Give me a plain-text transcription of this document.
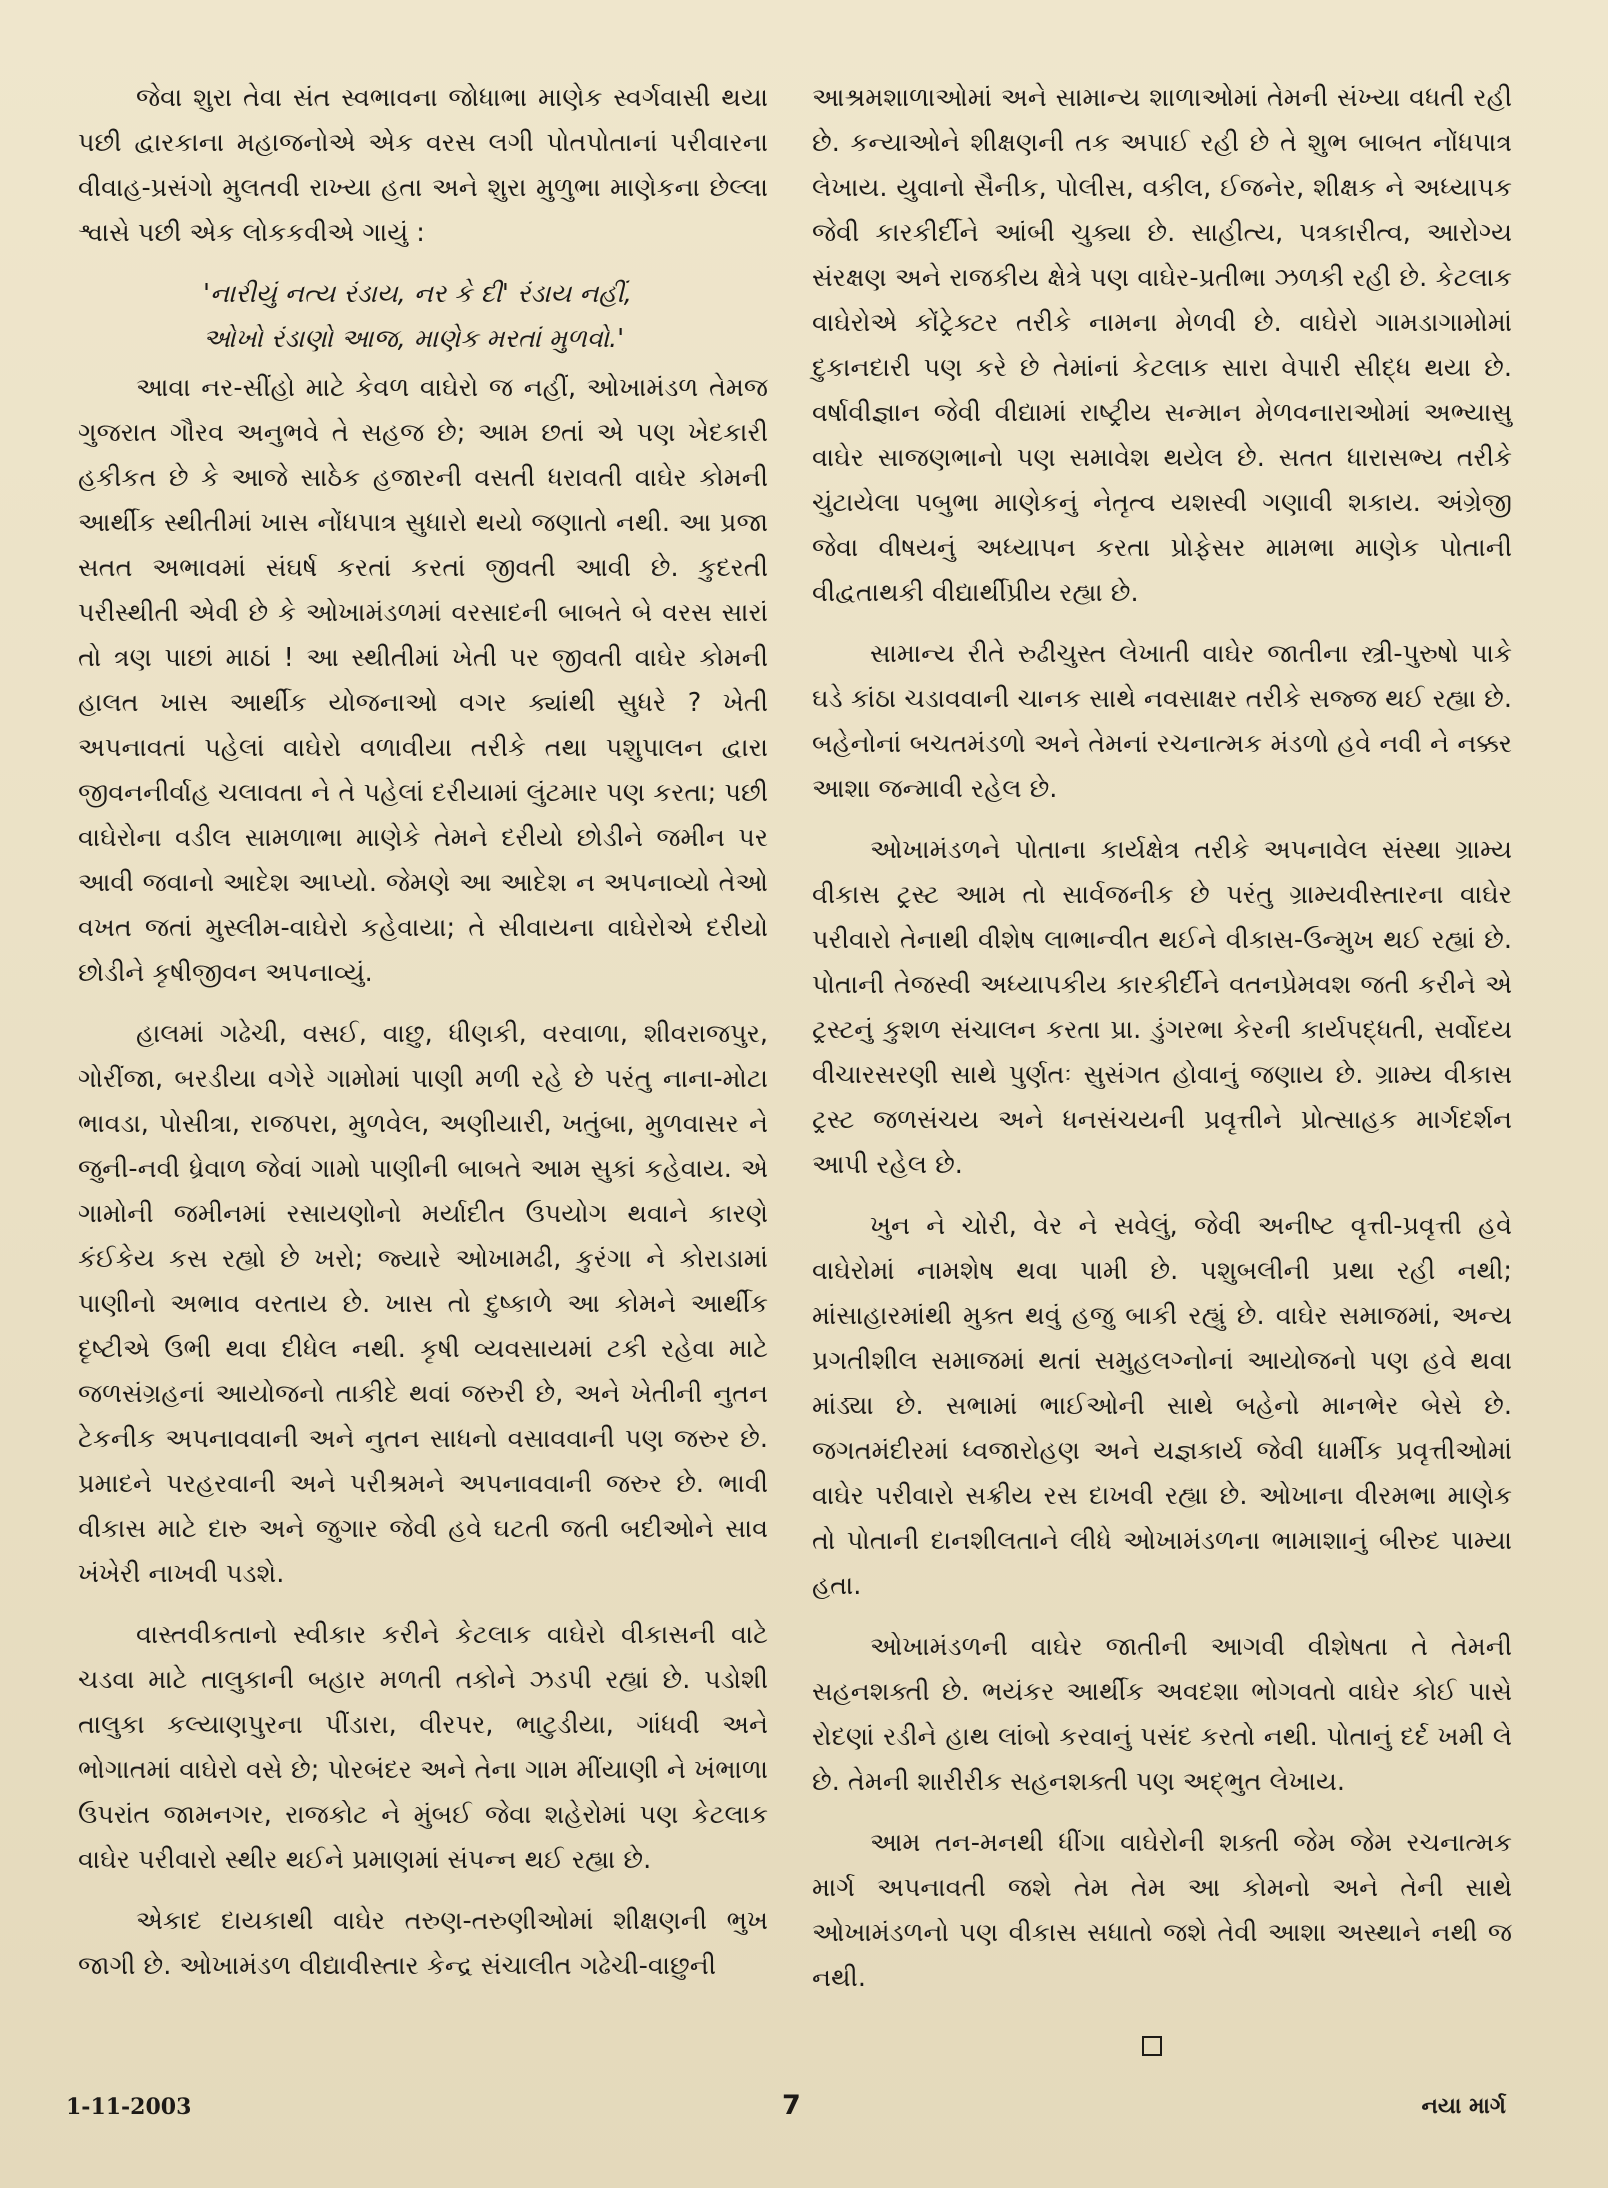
જેવા શુરા તેવા સંત સ્વભાવના જોધાભા માણેક સ્વર્ગવાસી થયા પછી દ્વારકાના મહાજનોએ એક વરસ લગી પોતપોતાનાં પરીવારના વીવાહ-પ્રસંગો મુલતવી રાખ્યા હતા અને શુરા મુળુભા માણેકના છેલ્લા શ્વાસે પછી એક લોકકવીએ ગાયું :

'નારીયું નત્ય રંડાય, નર કે દી' રંડાય નહીં,
ઓખો રંડાણો આજ, માણેક મરતાં મુળવો.'

આવા નર-સીંહો માટે કેવળ વાઘેરો જ નહીં, ઓખામંડળ તેમજ ગુજરાત ગૌરવ અનુભવે તે સહજ છે; આમ છતાં એ પણ ખેદકારી હકીકત છે કે આજે સાઠેક હજારની વસતી ધરાવતી વાઘેર કોમની આર્થીક સ્થીતીમાં ખાસ નોંધપાત્ર સુધારો થયો જણાતો નથી. આ પ્રજા સતત અભાવમાં સંઘર્ષ કરતાં કરતાં જીવતી આવી છે. કુદરતી પરીસ્થીતી એવી છે કે ઓખામંડળમાં વરસાદની બાબતે બે વરસ સારાં તો ત્રણ પાછાં માઠાં ! આ સ્થીતીમાં ખેતી પર જીવતી વાઘેર કોમની હાલત ખાસ આર્થીક યોજનાઓ વગર ક્યાંથી સુધરે ? ખેતી અપનાવતાં પહેલાં વાઘેરો વળાવીયા તરીકે તથા પશુપાલન દ્વારા જીવનનીર્વાહ ચલાવતા ને તે પહેલાં દરીયામાં લુંટમાર પણ કરતા; પછી વાઘેરોના વડીલ સામળાભા માણેકે તેમને દરીયો છોડીને જમીન પર આવી જવાનો આદેશ આપ્યો. જેમણે આ આદેશ ન અપનાવ્યો તેઓ વખત જતાં મુસ્લીમ-વાઘેરો કહેવાયા; તે સીવાયના વાઘેરોએ દરીયો છોડીને કૃષીજીવન અપનાવ્યું.

હાલમાં ગઢેચી, વસઈ, વાછુ, ધીણકી, વરવાળા, શીવરાજપુર, ગોરીંજા, બરડીયા વગેરે ગામોમાં પાણી મળી રહે છે પરંતુ નાના-મોટા ભાવડા, પોસીત્રા, રાજપરા, મુળવેલ, અણીયારી, ખતુંબા, મુળવાસર ને જુની-નવી ધ્રેવાળ જેવાં ગામો પાણીની બાબતે આમ સુકાં કહેવાય. એ ગામોની જમીનમાં રસાયણોનો મર્યાદીત ઉપયોગ થવાને કારણે કંઈકેય કસ રહ્યો છે ખરો; જ્યારે ઓખામઢી, કુરંગા ને કોરાડામાં પાણીનો અભાવ વરતાય છે. ખાસ તો દુષ્કાળે આ કોમને આર્થીક દૃષ્ટીએ ઉભી થવા દીધેલ નથી. કૃષી વ્યવસાયમાં ટકી રહેવા માટે જળસંગ્રહનાં આયોજનો તાકીદે થવાં જરુરી છે, અને ખેતીની નુતન ટેકનીક અપનાવવાની અને નુતન સાધનો વસાવવાની પણ જરુર છે. પ્રમાદને પરહરવાની અને પરીશ્રમને અપનાવવાની જરુર છે. ભાવી વીકાસ માટે દારુ અને જુગાર જેવી હવે ઘટતી જતી બદીઓને સાવ ખંખેરી નાખવી પડશે.

વાસ્તવીકતાનો સ્વીકાર કરીને કેટલાક વાઘેરો વીકાસની વાટે ચડવા માટે તાલુકાની બહાર મળતી તકોને ઝડપી રહ્યાં છે. પડોશી તાલુકા કલ્યાણપુરના પીંડારા, વીરપર, ભાટુડીયા, ગાંધવી અને ભોગાતમાં વાઘેરો વસે છે; પોરબંદર અને તેના ગામ મીંયાણી ને ખંભાળા ઉપરાંત જામનગર, રાજકોટ ને મુંબઈ જેવા શહેરોમાં પણ કેટલાક વાઘેર પરીવારો સ્થીર થઈને પ્રમાણમાં સંપન્ન થઈ રહ્યા છે.

એકાદ દાયકાથી વાઘેર તરુણ-તરુણીઓમાં શીક્ષણની ભુખ જાગી છે. ઓખામંડળ વીદ્યાવીસ્તાર કેન્દ્ર સંચાલીત ગઢેચી-વાછુની

આશ્રમશાળાઓમાં અને સામાન્ય શાળાઓમાં તેમની સંખ્યા વધતી રહી છે. કન્યાઓને શીક્ષણની તક અપાઈ રહી છે તે શુભ બાબત નોંધપાત્ર લેખાય. યુવાનો સૈનીક, પોલીસ, વકીલ, ઈજનેર, શીક્ષક ને અધ્યાપક જેવી કારકીર્દીને આંબી ચુક્યા છે. સાહીત્ય, પત્રકારીત્વ, આરોગ્ય સંરક્ષણ અને રાજકીય ક્ષેત્રે પણ વાઘેર-પ્રતીભા ઝળકી રહી છે. કેટલાક વાઘેરોએ કોંટ્રેક્ટર તરીકે નામના મેળવી છે. વાઘેરો ગામડાગામોમાં દુકાનદારી પણ કરે છે તેમાંનાં કેટલાક સારા વેપારી સીદ્ધ થયા છે. વર્ષાવીજ્ઞાન જેવી વીદ્યામાં રાષ્ટ્રીય સન્માન મેળવનારાઓમાં અભ્યાસુ વાઘેર સાજણભાનો પણ સમાવેશ થયેલ છે. સતત ધારાસભ્ય તરીકે ચુંટાયેલા પબુભા માણેકનું નેતૃત્વ યશસ્વી ગણાવી શકાય. અંગ્રેજી જેવા વીષયનું અધ્યાપન કરતા પ્રોફેસર મામભા માણેક પોતાની વીદ્વતાથકી વીદ્યાર્થીપ્રીય રહ્યા છે.

સામાન્ય રીતે રુઢીચુસ્ત લેખાતી વાઘેર જાતીના સ્ત્રી-પુરુષો પાકે ઘડે કાંઠા ચડાવવાની ચાનક સાથે નવસાક્ષર તરીકે સજ્જ થઈ રહ્યા છે. બહેનોનાં બચતમંડળો અને તેમનાં રચનાત્મક મંડળો હવે નવી ને નક્કર આશા જન્માવી રહેલ છે.

ઓખામંડળને પોતાના કાર્યક્ષેત્ર તરીકે અપનાવેલ સંસ્થા ગ્રામ્ય વીકાસ ટ્રસ્ટ આમ તો સાર્વજનીક છે પરંતુ ગ્રામ્યવીસ્તારના વાઘેર પરીવારો તેનાથી વીશેષ લાભાન્વીત થઈને વીકાસ-ઉન્મુખ થઈ રહ્યાં છે. પોતાની તેજસ્વી અધ્યાપકીય કારકીર્દીને વતનપ્રેમવશ જતી કરીને એ ટ્રસ્ટનું કુશળ સંચાલન કરતા પ્રા. ડુંગરભા કેરની કાર્યપદ્ધતી, સર્વોદય વીચારસરણી સાથે પુર્ણતઃ સુસંગત હોવાનું જણાય છે. ગ્રામ્ય વીકાસ ટ્રસ્ટ જળસંચય અને ધનસંચયની પ્રવૃત્તીને પ્રોત્સાહક માર્ગદર્શન આપી રહેલ છે.

ખુન ને ચોરી, વેર ને સવેલું, જેવી અનીષ્ટ વૃત્તી-પ્રવૃત્તી હવે વાઘેરોમાં નામશેષ થવા પામી છે. પશુબલીની પ્રથા રહી નથી; માંસાહારમાંથી મુક્ત થવું હજુ બાકી રહ્યું છે. વાઘેર સમાજમાં, અન્ય પ્રગતીશીલ સમાજમાં થતાં સમુહલગ્નોનાં આયોજનો પણ હવે થવા માંડ્યા છે. સભામાં ભાઈઓની સાથે બહેનો માનભેર બેસે છે. જગતમંદીરમાં ધ્વજારોહણ અને યજ્ઞકાર્ય જેવી ધાર્મીક પ્રવૃત્તીઓમાં વાઘેર પરીવારો સક્રીય રસ દાખવી રહ્યા છે. ઓખાના વીરમભા માણેક તો પોતાની દાનશીલતાને લીધે ઓખામંડળના ભામાશાનું બીરુદ પામ્યા હતા.

ઓખામંડળની વાઘેર જાતીની આગવી વીશેષતા તે તેમની સહનશક્તી છે. ભયંકર આર્થીક અવદશા ભોગવતો વાઘેર કોઈ પાસે રોદણાં રડીને હાથ લાંબો કરવાનું પસંદ કરતો નથી. પોતાનું દર્દ ખમી લે છે. તેમની શારીરીક સહનશક્તી પણ અદ્ભુત લેખાય.

આમ તન-મનથી ધીંગા વાઘેરોની શક્તી જેમ જેમ રચનાત્મક માર્ગ અપનાવતી જશે તેમ તેમ આ કોમનો અને તેની સાથે ઓખામંડળનો પણ વીકાસ સધાતો જશે તેવી આશા અસ્થાને નથી જ નથી.

1-11-2003	7	નયા માર્ગ
